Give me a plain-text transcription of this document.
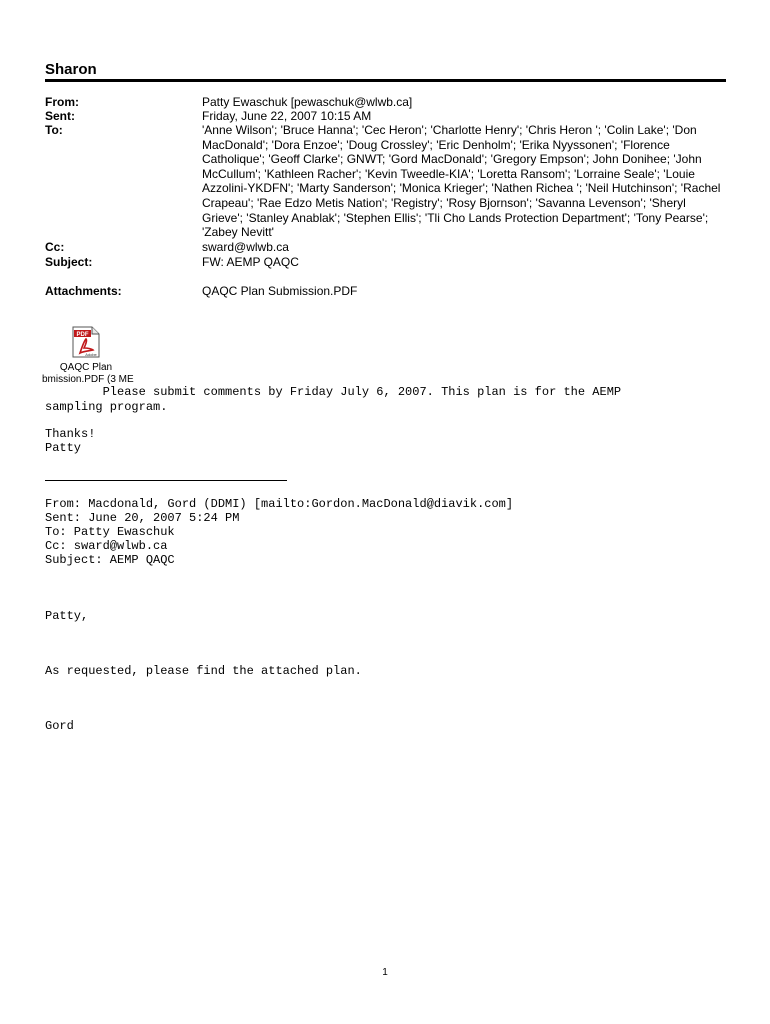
Sharon
From:	Patty Ewaschuk [pewaschuk@wlwb.ca]
Sent:	Friday, June 22, 2007 10:15 AM
To:	'Anne Wilson'; 'Bruce Hanna'; 'Cec Heron'; 'Charlotte Henry'; 'Chris Heron '; 'Colin Lake'; 'Don MacDonald'; 'Dora Enzoe'; 'Doug Crossley'; 'Eric Denholm'; 'Erika Nyyssonen'; 'Florence Catholique'; 'Geoff Clarke'; GNWT; 'Gord MacDonald'; 'Gregory Empson'; John Donihee; 'John McCullum'; 'Kathleen Racher'; 'Kevin Tweedle-KIA'; 'Loretta Ransom'; 'Lorraine Seale'; 'Louie Azzolini-YKDFN'; 'Marty Sanderson'; 'Monica Krieger'; 'Nathen Richea '; 'Neil Hutchinson'; 'Rachel Crapeau'; 'Rae Edzo Metis Nation'; 'Registry'; 'Rosy Bjornson'; 'Savanna Levenson'; 'Sheryl Grieve'; 'Stanley Anablak'; 'Stephen Ellis'; 'Tli Cho Lands Protection Department'; 'Tony Pearse'; 'Zabey Nevitt'
Cc:	sward@wlwb.ca
Subject:	FW: AEMP QAQC
Attachments:	QAQC Plan Submission.PDF
PDF
Adobe
QAQC Plan
bmission.PDF (3 ME
Please submit comments by Friday July 6, 2007. This plan is for the AEMP
sampling program.
Thanks!
Patty
From: Macdonald, Gord (DDMI) [mailto:Gordon.MacDonald@diavik.com]
Sent: June 20, 2007 5:24 PM
To: Patty Ewaschuk
Cc: sward@wlwb.ca
Subject: AEMP QAQC
Patty,
As requested, please find the attached plan.
Gord
1
